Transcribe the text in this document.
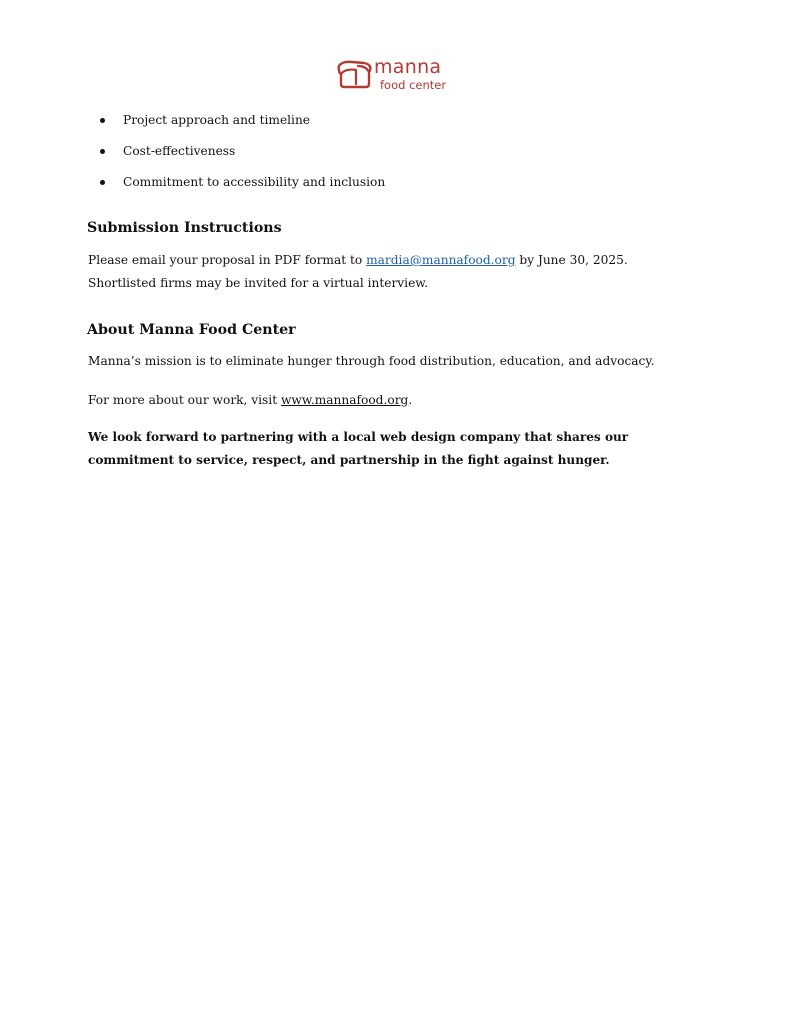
manna
food center
Project approach and timeline
Cost-effectiveness
Commitment to accessibility and inclusion
Submission Instructions

Please email your proposal in PDF format to mardia@mannafood.org by June 30, 2025. Shortlisted firms may be invited for a virtual interview.

About Manna Food Center

Manna’s mission is to eliminate hunger through food distribution, education, and advocacy.

For more about our work, visit www.mannafood.org.

We look forward to partnering with a local web design company that shares our commitment to service, respect, and partnership in the fight against hunger.
